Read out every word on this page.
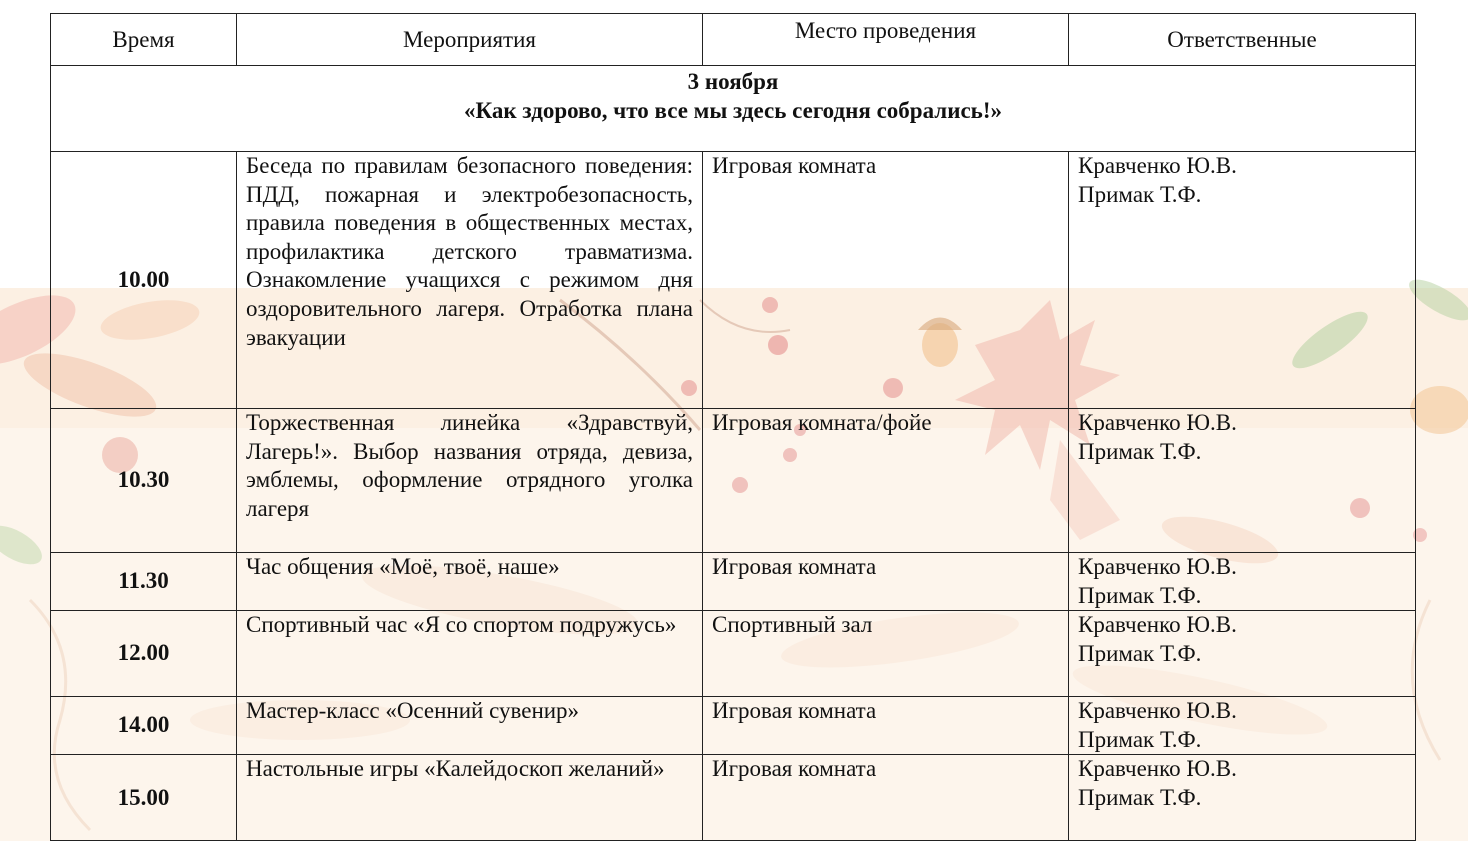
Время	Мероприятия	Место проведения	Ответственные

3 ноября
«Как здорово, что все мы здесь сегодня собрались!»			

10.00	Беседа по правилам безопасного поведения: ПДД, пожарная и электробезопасность, правила поведения в общественных местах, профилактика детского травматизма. Ознакомление учащихся с режимом дня оздоровительного лагеря. Отработка плана эвакуации	Игровая комната	Кравченко Ю.В.
Примак Т.Ф.

10.30	Торжественная линейка «Здравствуй, Лагерь!». Выбор названия отряда, девиза, эмблемы, оформление отрядного уголка лагеря	Игровая комната/фойе	Кравченко Ю.В.
Примак Т.Ф.

11.30	Час общения «Моё, твоё, наше»	Игровая комната	Кравченко Ю.В.
Примак Т.Ф.

12.00	Спортивный час «Я со спортом подружусь»	Спортивный зал	Кравченко Ю.В.
Примак Т.Ф.

14.00	Мастер-класс «Осенний сувенир»	Игровая комната	Кравченко Ю.В.
Примак Т.Ф.

15.00	Настольные игры «Калейдоскоп желаний»	Игровая комната	Кравченко Ю.В.
Примак Т.Ф.
